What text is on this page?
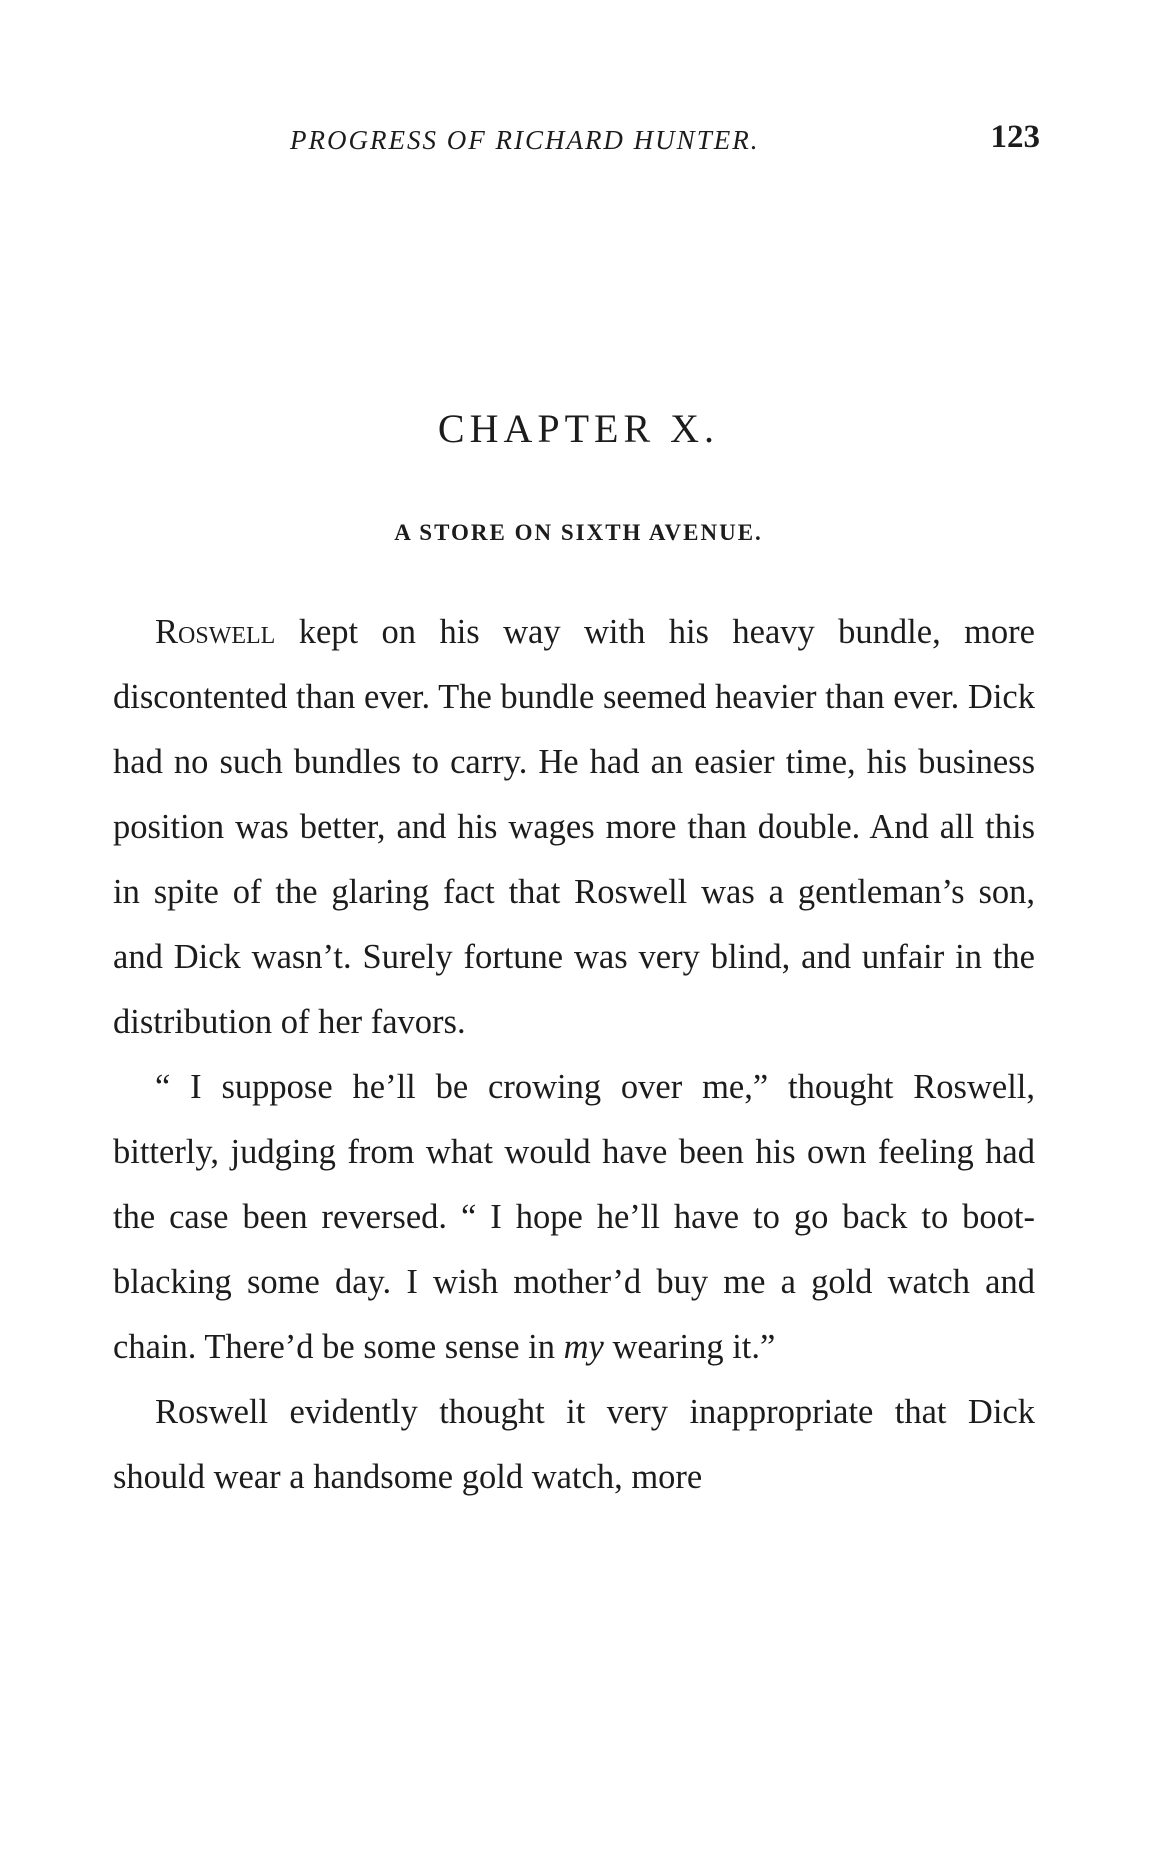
PROGRESS OF RICHARD HUNTER.	123
CHAPTER X.
A STORE ON SIXTH AVENUE.

Roswell kept on his way with his heavy bundle, more discontented than ever. The bundle seemed heavier than ever. Dick had no such bundles to carry. He had an easier time, his business position was better, and his wages more than double. And all this in spite of the glaring fact that Roswell was a gentleman’s son, and Dick wasn’t. Surely fortune was very blind, and unfair in the distribution of her favors.

“ I suppose he’ll be crowing over me,” thought Roswell, bitterly, judging from what would have been his own feeling had the case been reversed. “ I hope he’ll have to go back to boot-blacking some day. I wish mother’d buy me a gold watch and chain. There’d be some sense in my wearing it.”

Roswell evidently thought it very inappropriate that Dick should wear a handsome gold watch, more
